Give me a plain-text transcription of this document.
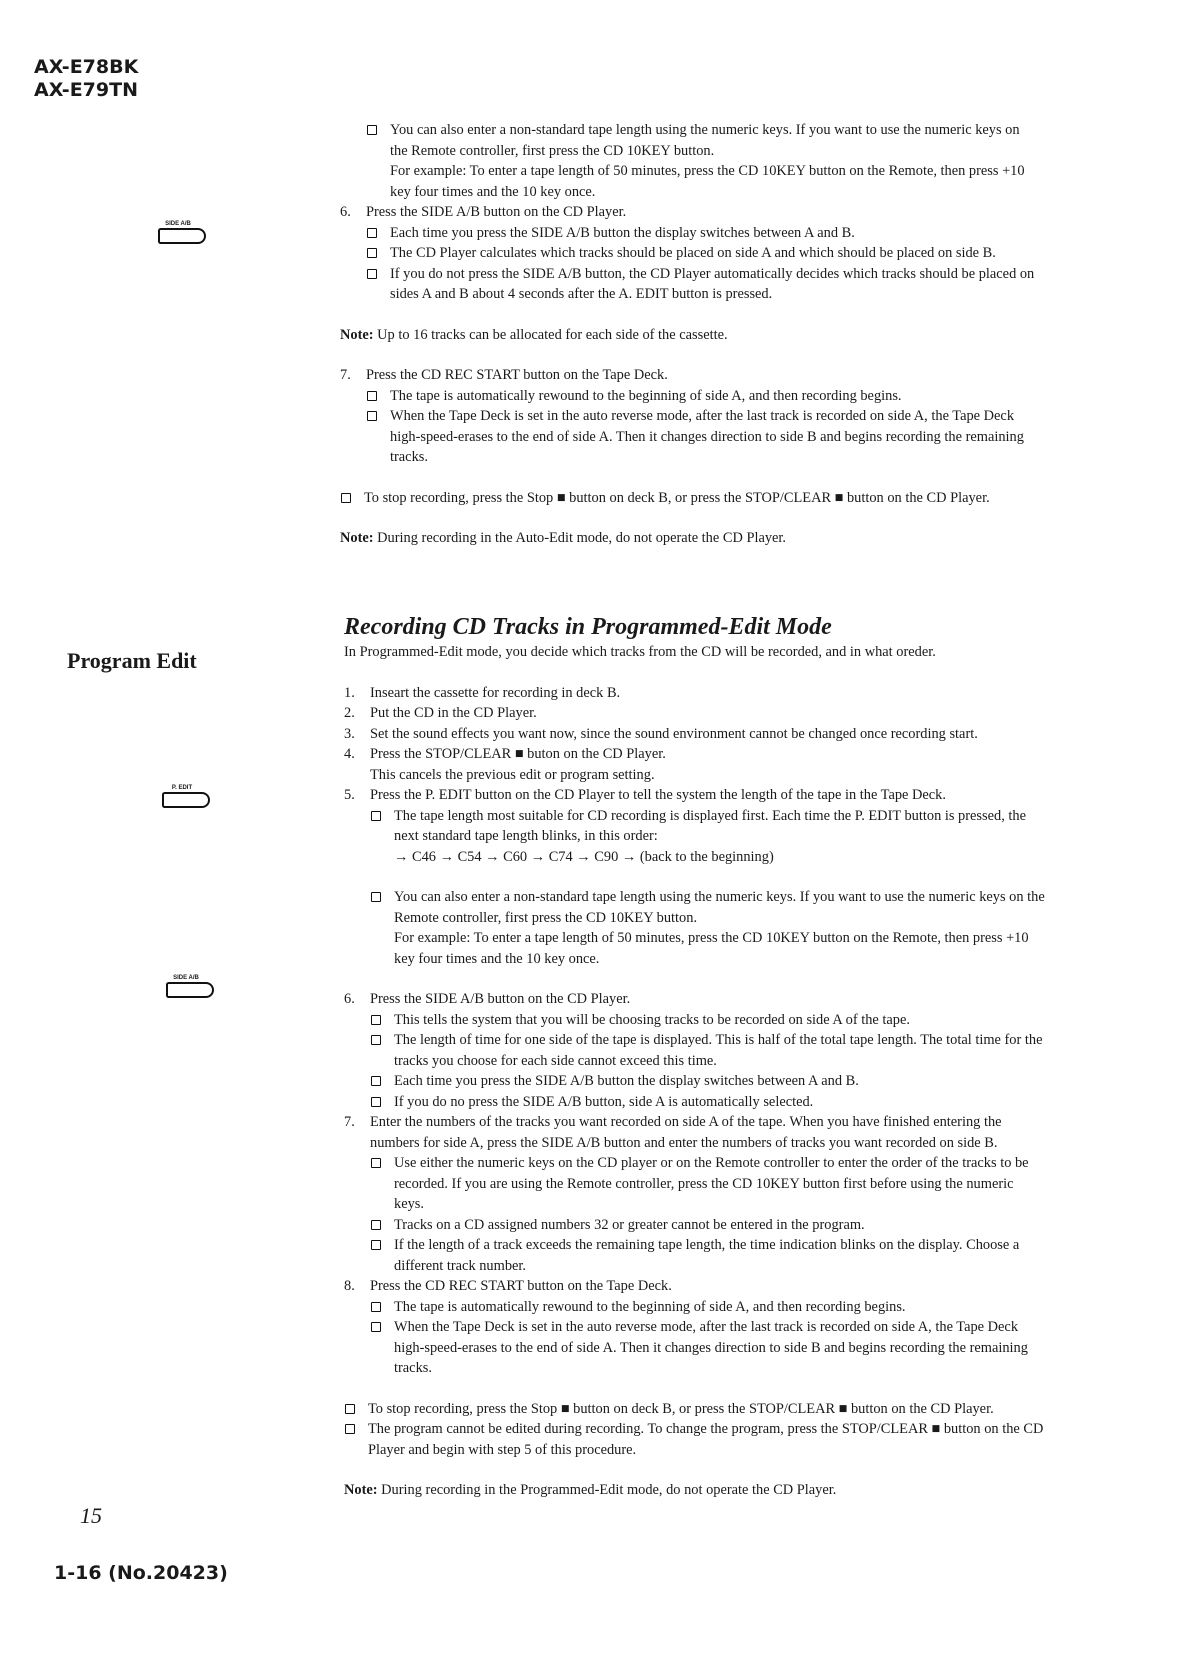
AX-E78BK
AX-E79TN
SIDE A/B
Program Edit
P. EDIT
SIDE A/B
15
1-16 (No.20423)
You can also enter a non-standard tape length using the numeric keys. If you want to use the numeric keys on the Remote controller, first press the CD 10KEY button.
For example: To enter a tape length of 50 minutes, press the CD 10KEY button on the Remote, then press +10 key four times and the 10 key once.
6.	Press the SIDE A/B button on the CD Player.
Each time you press the SIDE A/B button the display switches between A and B.
The CD Player calculates which tracks should be placed on side A and which should be placed on side B.
If you do not press the SIDE A/B button, the CD Player automatically decides which tracks should be placed on sides A and B about 4 seconds after the A. EDIT button is pressed.
Note: Up to 16 tracks can be allocated for each side of the cassette.
7.	Press the CD REC START button on the Tape Deck.
The tape is automatically rewound to the beginning of side A, and then recording begins.
When the Tape Deck is set in the auto reverse mode, after the last track is recorded on side A, the Tape Deck high-speed-erases to the end of side A. Then it changes direction to side B and begins recording the remaining tracks.
To stop recording, press the Stop ■ button on deck B, or press the STOP/CLEAR ■ button on the CD Player.
Note: During recording in the Auto-Edit mode, do not operate the CD Player.
Recording CD Tracks in Programmed-Edit Mode
In Programmed-Edit mode, you decide which tracks from the CD will be recorded, and in what oreder.
1.	Inseart the cassette for recording in deck B.
2.	Put the CD in the CD Player.
3.	Set the sound effects you want now, since the sound environment cannot be changed once recording start.
4.	Press the STOP/CLEAR ■ buton on the CD Player.
This cancels the previous edit or program setting.
5.	Press the P. EDIT button on the CD Player to tell the system the length of the tape in the Tape Deck.
The tape length most suitable for CD recording is displayed first. Each time the P. EDIT button is pressed, the next standard tape length blinks, in this order:
→ C46 → C54 → C60 → C74 → C90 → (back to the beginning)
You can also enter a non-standard tape length using the numeric keys. If you want to use the numeric keys on the Remote controller, first press the CD 10KEY button.
For example: To enter a tape length of 50 minutes, press the CD 10KEY button on the Remote, then press +10 key four times and the 10 key once.
6.	Press the SIDE A/B button on the CD Player.
This tells the system that you will be choosing tracks to be recorded on side A of the tape.
The length of time for one side of the tape is displayed. This is half of the total tape length. The total time for the tracks you choose for each side cannot exceed this time.
Each time you press the SIDE A/B button the display switches between A and B.
If you do no press the SIDE A/B button, side A is automatically selected.
7.	Enter the numbers of the tracks you want recorded on side A of the tape. When you have finished entering the numbers for side A, press the SIDE A/B button and enter the numbers of tracks you want recorded on side B.
Use either the numeric keys on the CD player or on the Remote controller to enter the order of the tracks to be recorded. If you are using the Remote controller, press the CD 10KEY button first before using the numeric keys.
Tracks on a CD assigned numbers 32 or greater cannot be entered in the program.
If the length of a track exceeds the remaining tape length, the time indication blinks on the display. Choose a different track number.
8.	Press the CD REC START button on the Tape Deck.
The tape is automatically rewound to the beginning of side A, and then recording begins.
When the Tape Deck is set in the auto reverse mode, after the last track is recorded on side A, the Tape Deck high-speed-erases to the end of side A. Then it changes direction to side B and begins recording the remaining tracks.
To stop recording, press the Stop ■ button on deck B, or press the STOP/CLEAR ■ button on the CD Player.
The program cannot be edited during recording. To change the program, press the STOP/CLEAR ■ button on the CD Player and begin with step 5 of this procedure.
Note: During recording in the Programmed-Edit mode, do not operate the CD Player.
